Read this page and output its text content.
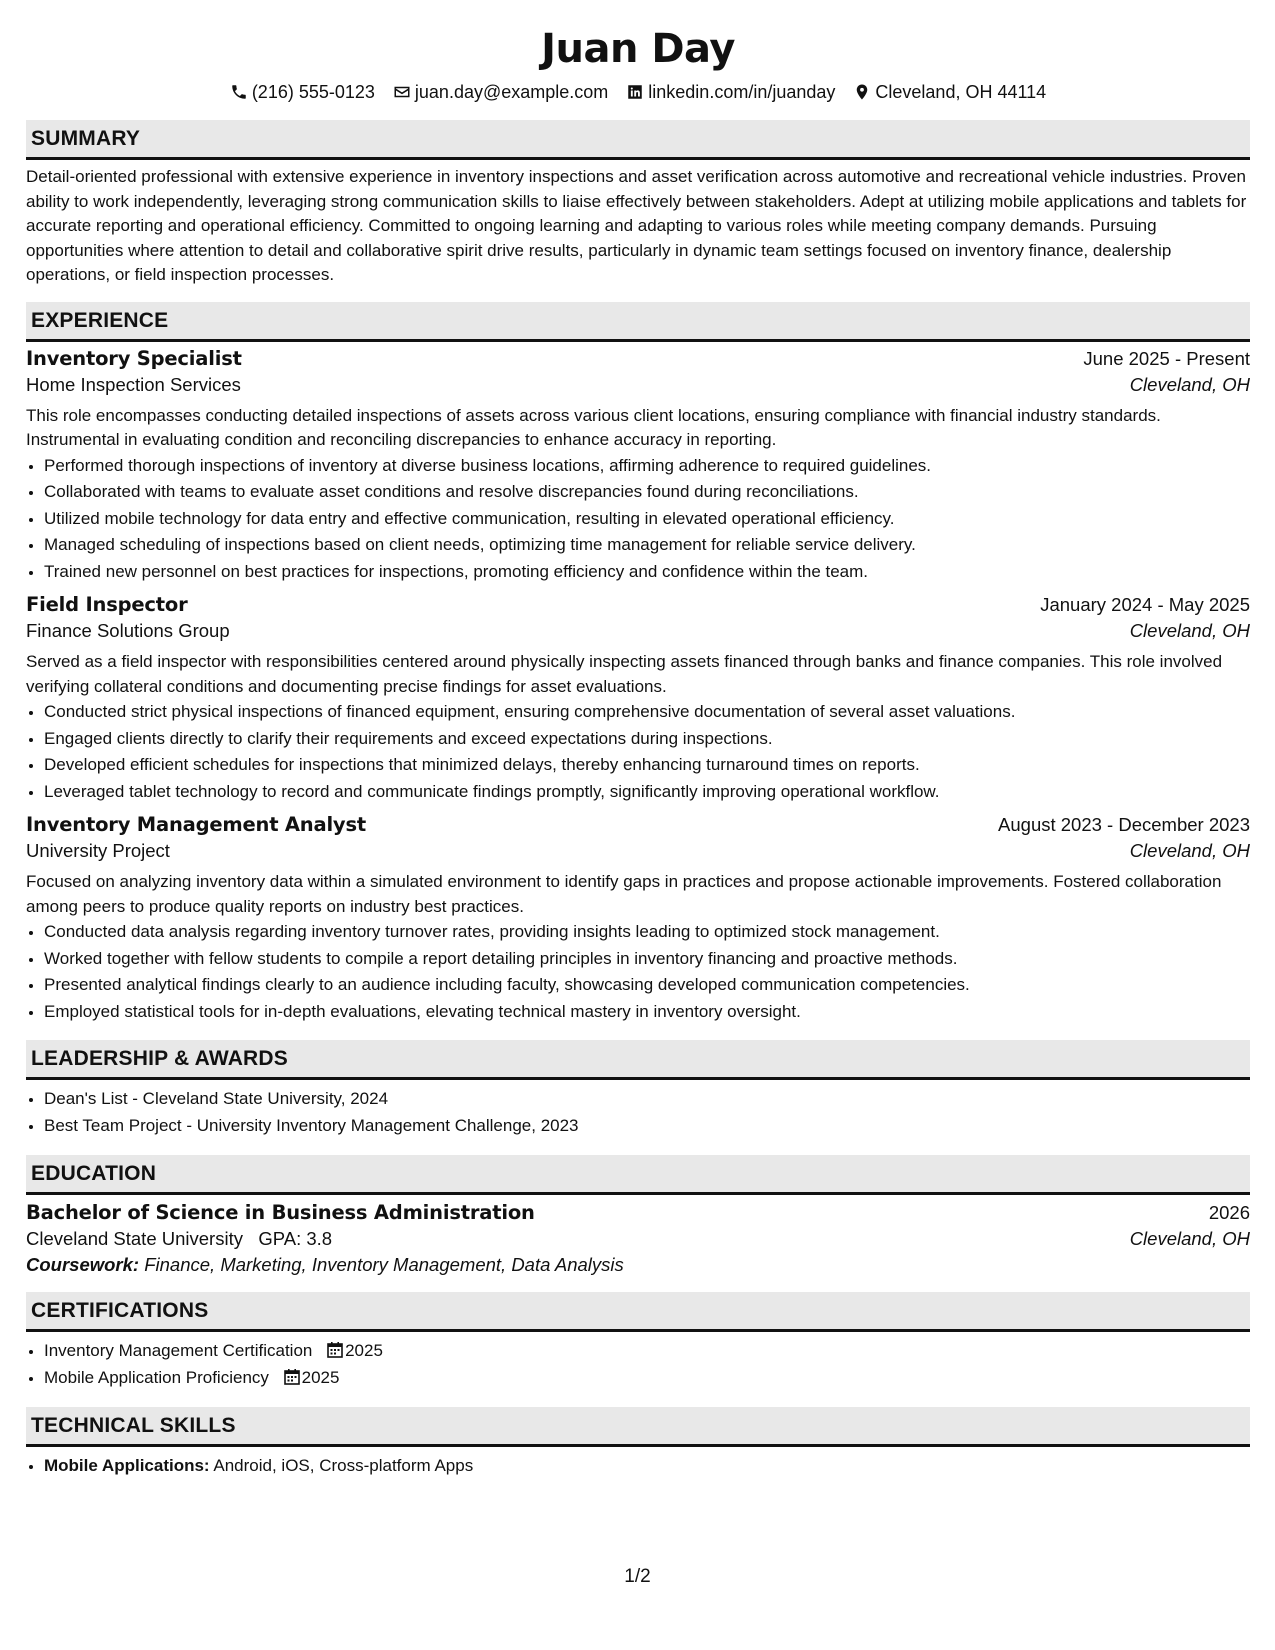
Juan Day
(216) 555-0123 juan.day@example.com linkedin.com/in/juanday Cleveland, OH 44114
SUMMARY
Detail-oriented professional with extensive experience in inventory inspections and asset verification across automotive and recreational vehicle industries. Proven ability to work independently, leveraging strong communication skills to liaise effectively between stakeholders. Adept at utilizing mobile applications and tablets for accurate reporting and operational efficiency. Committed to ongoing learning and adapting to various roles while meeting company demands. Pursuing opportunities where attention to detail and collaborative spirit drive results, particularly in dynamic team settings focused on inventory finance, dealership operations, or field inspection processes.
EXPERIENCE
Inventory Specialist	June 2025 - Present
Home Inspection Services	Cleveland, OH
This role encompasses conducting detailed inspections of assets across various client locations, ensuring compliance with financial industry standards. Instrumental in evaluating condition and reconciling discrepancies to enhance accuracy in reporting.
• Performed thorough inspections of inventory at diverse business locations, affirming adherence to required guidelines.
• Collaborated with teams to evaluate asset conditions and resolve discrepancies found during reconciliations.
• Utilized mobile technology for data entry and effective communication, resulting in elevated operational efficiency.
• Managed scheduling of inspections based on client needs, optimizing time management for reliable service delivery.
• Trained new personnel on best practices for inspections, promoting efficiency and confidence within the team.
Field Inspector	January 2024 - May 2025
Finance Solutions Group	Cleveland, OH
Served as a field inspector with responsibilities centered around physically inspecting assets financed through banks and finance companies. This role involved verifying collateral conditions and documenting precise findings for asset evaluations.
• Conducted strict physical inspections of financed equipment, ensuring comprehensive documentation of several asset valuations.
• Engaged clients directly to clarify their requirements and exceed expectations during inspections.
• Developed efficient schedules for inspections that minimized delays, thereby enhancing turnaround times on reports.
• Leveraged tablet technology to record and communicate findings promptly, significantly improving operational workflow.
Inventory Management Analyst	August 2023 - December 2023
University Project	Cleveland, OH
Focused on analyzing inventory data within a simulated environment to identify gaps in practices and propose actionable improvements. Fostered collaboration among peers to produce quality reports on industry best practices.
• Conducted data analysis regarding inventory turnover rates, providing insights leading to optimized stock management.
• Worked together with fellow students to compile a report detailing principles in inventory financing and proactive methods.
• Presented analytical findings clearly to an audience including faculty, showcasing developed communication competencies.
• Employed statistical tools for in-depth evaluations, elevating technical mastery in inventory oversight.
LEADERSHIP & AWARDS
• Dean's List - Cleveland State University, 2024
• Best Team Project - University Inventory Management Challenge, 2023
EDUCATION
Bachelor of Science in Business Administration	2026
Cleveland State University GPA: 3.8	Cleveland, OH
Coursework: Finance, Marketing, Inventory Management, Data Analysis
CERTIFICATIONS
• Inventory Management Certification 2025
• Mobile Application Proficiency 2025
TECHNICAL SKILLS
• Mobile Applications: Android, iOS, Cross-platform Apps
1/2
